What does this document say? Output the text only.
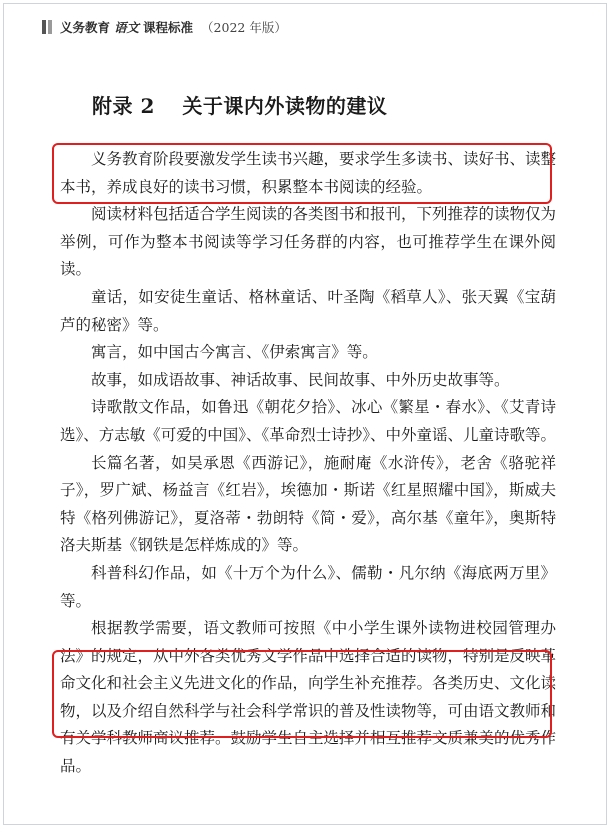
义务教育 语文 课程标准 （2022 年版）
附录 2 关于课内外读物的建议

义务教育阶段要激发学生读书兴趣，要求学生多读书、读好书、读整本书，养成良好的读书习惯，积累整本书阅读的经验。

阅读材料包括适合学生阅读的各类图书和报刊，下列推荐的读物仅为举例，可作为整本书阅读等学习任务群的内容，也可推荐学生在课外阅读。

童话，如安徒生童话、格林童话、叶圣陶《稻草人》、张天翼《宝葫芦的秘密》等。

寓言，如中国古今寓言、《伊索寓言》等。

故事，如成语故事、神话故事、民间故事、中外历史故事等。

诗歌散文作品，如鲁迅《朝花夕拾》、冰心《繁星・春水》、《艾青诗选》、方志敏《可爱的中国》、《革命烈士诗抄》、中外童谣、儿童诗歌等。

长篇名著，如吴承恩《西游记》，施耐庵《水浒传》，老舍《骆驼祥子》，罗广斌、杨益言《红岩》，埃德加・斯诺《红星照耀中国》，斯威夫特《格列佛游记》，夏洛蒂・勃朗特《简・爱》，高尔基《童年》，奥斯特洛夫斯基《钢铁是怎样炼成的》等。

科普科幻作品，如《十万个为什么》、儒勒・凡尔纳《海底两万里》等。

根据教学需要，语文教师可按照《中小学生课外读物进校园管理办法》的规定，从中外各类优秀文学作品中选择合适的读物，特别是反映革命文化和社会主义先进文化的作品，向学生补充推荐。各类历史、文化读物，以及介绍自然科学与社会科学常识的普及性读物等，可由语文教师和有关学科教师商议推荐。鼓励学生自主选择并相互推荐文质兼美的优秀作品。
